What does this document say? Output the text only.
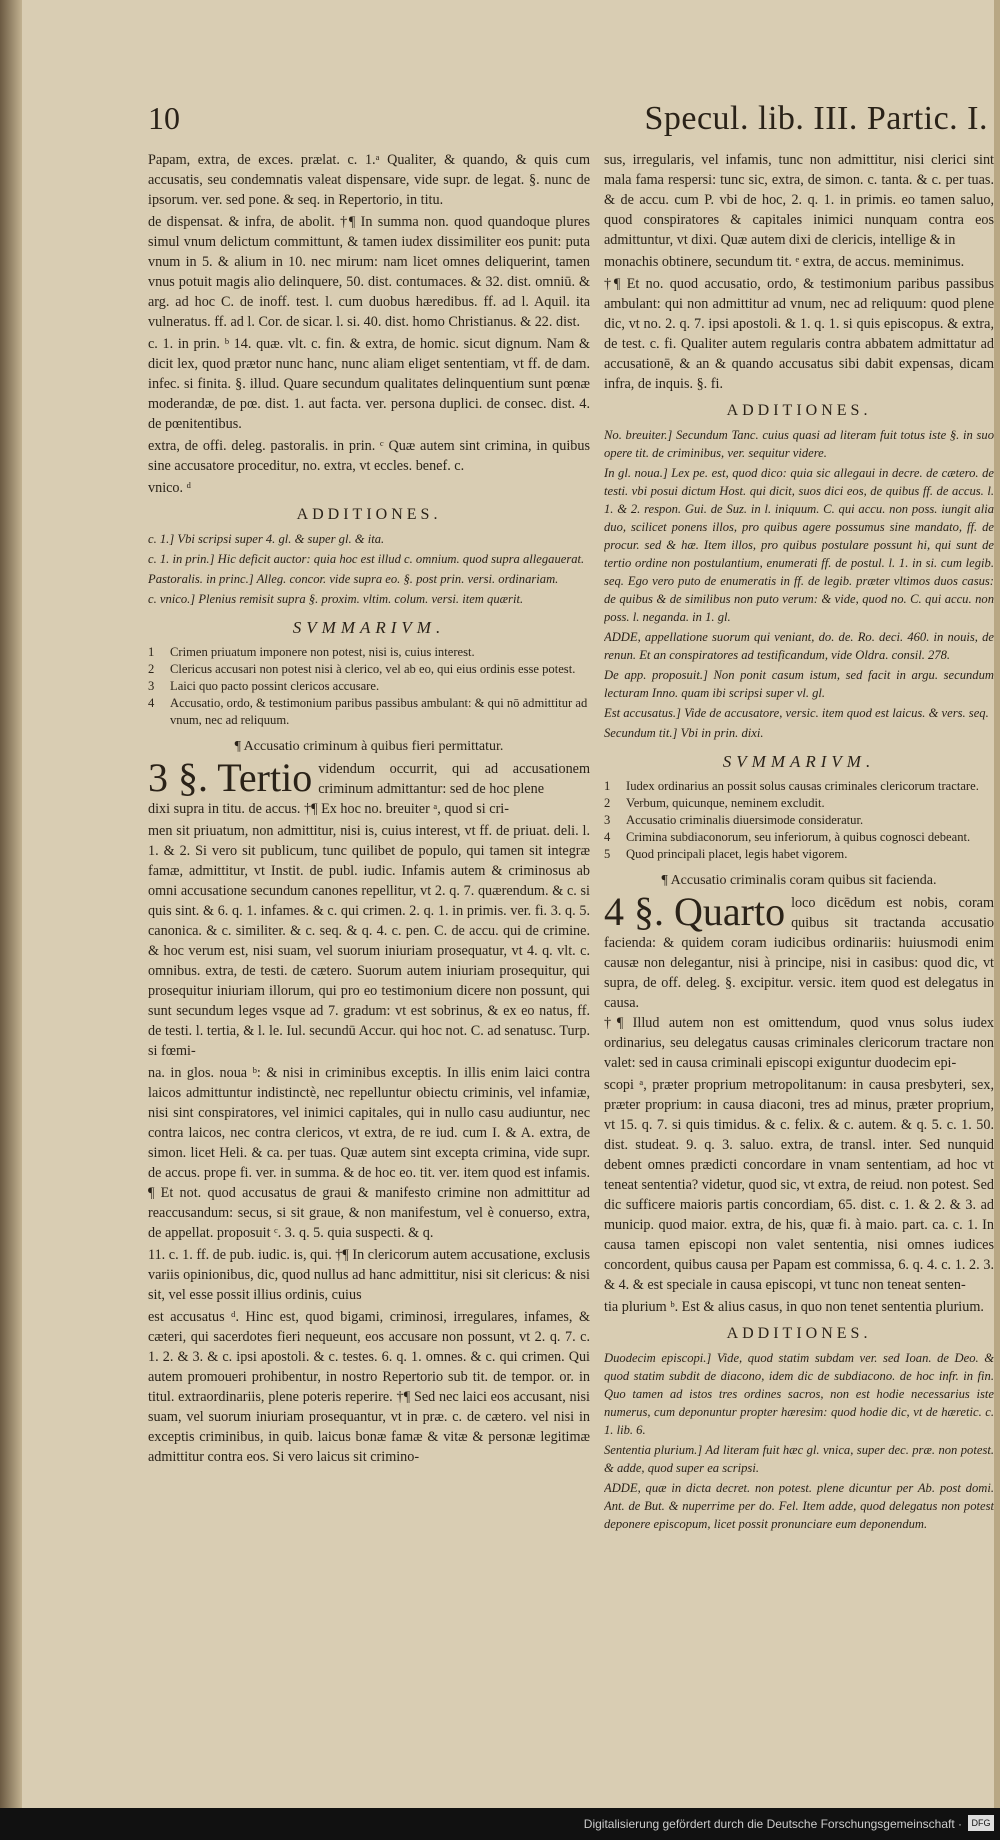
10	Specul. lib. III. Partic. I.

Papam, extra, de exces. prælat. c. 1.ᵃ Qualiter, & quando, & quis cum accusatis, seu condemnatis valeat dispensare, vide supr. de legat. §. nunc de ipsorum. ver. sed pone. & seq. in Repertorio, in titu.

de dispensat. & infra, de abolit. †¶ In summa non. quod quandoque plures simul vnum delictum committunt, & tamen iudex dissimiliter eos punit: puta vnum in 5. & alium in 10. nec mirum: nam licet omnes deliquerint, tamen vnus potuit magis alio delinquere, 50. dist. contumaces. & 32. dist. omniū. & arg. ad hoc C. de inoff. test. l. cum duobus hæredibus. ff. ad l. Aquil. ita vulneratus. ff. ad l. Cor. de sicar. l. si. 40. dist. homo Christianus. & 22. dist.

c. 1. in prin. ᵇ 14. quæ. vlt. c. fin. & extra, de homic. sicut dignum. Nam & dicit lex, quod prætor nunc hanc, nunc aliam eliget sententiam, vt ff. de dam. infec. si finita. §. illud. Quare secundum qualitates delinquentium sunt pœnæ moderandæ, de pœ. dist. 1. aut facta. ver. persona duplici. de consec. dist. 4. de pœnitentibus.

extra, de offi. deleg. pastoralis. in prin. ᶜ Quæ autem sint crimina, in quibus sine accusatore proceditur, no. extra, vt eccles. benef. c.

vnico. ᵈ

ADDITIONES.

c. 1.] Vbi scripsi super 4. gl. & super gl. & ita.

c. 1. in prin.] Hic deficit auctor: quia hoc est illud c. omnium. quod supra allegauerat.

Pastoralis. in princ.] Alleg. concor. vide supra eo. §. post prin. versi. ordinariam.

c. vnico.] Plenius remisit supra §. proxim. vltim. colum. versi. item quærit.

SVMMARIVM.
1	Crimen priuatum imponere non potest, nisi is, cuius interest.
2	Clericus accusari non potest nisi à clerico, vel ab eo, qui eius ordinis esse potest.
3	Laici quo pacto possint clericos accusare.
4	Accusatio, ordo, & testimonium paribus passibus ambulant: & qui nō admittitur ad vnum, nec ad reliquum.
¶ Accusatio criminum à quibus fieri permittatur.

3 §. Tertio videndum occurrit, qui ad accusationem criminum admittantur: sed de hoc plene

dixi supra in titu. de accus. †¶ Ex hoc no. breuiter ᵃ, quod si cri-

men sit priuatum, non admittitur, nisi is, cuius interest, vt ff. de priuat. deli. l. 1. & 2. Si vero sit publicum, tunc quilibet de populo, qui tamen sit integræ famæ, admittitur, vt Instit. de publ. iudic. Infamis autem & criminosus ab omni accusatione secundum canones repellitur, vt 2. q. 7. quærendum. & c. si quis sint. & 6. q. 1. infames. & c. qui crimen. 2. q. 1. in primis. ver. fi. 3. q. 5. canonica. & c. similiter. & c. seq. & q. 4. c. pen. C. de accu. qui de crimine. & hoc verum est, nisi suam, vel suorum iniuriam prosequatur, vt 4. q. vlt. c. omnibus. extra, de testi. de cætero. Suorum autem iniuriam prosequitur, qui prosequitur iniuriam illorum, qui pro eo testimonium dicere non possunt, qui sunt secundum leges vsque ad 7. gradum: vt est sobrinus, & ex eo natus, ff. de testi. l. tertia, & l. le. Iul. secundū Accur. qui hoc not. C. ad senatusc. Turp. si fœmi-

na. in glos. noua ᵇ: & nisi in criminibus exceptis. In illis enim laici contra laicos admittuntur indistinctè, nec repelluntur obiectu criminis, vel infamiæ, nisi sint conspiratores, vel inimici capitales, qui in nullo casu audiuntur, nec contra laicos, nec contra clericos, vt extra, de re iud. cum I. & A. extra, de simon. licet Heli. & ca. per tuas. Quæ autem sint excepta crimina, vide supr. de accus. prope fi. ver. in summa. & de hoc eo. tit. ver. item quod est infamis. ¶ Et not. quod accusatus de graui & manifesto crimine non admittitur ad reaccusandum: secus, si sit graue, & non manifestum, vel è conuerso, extra, de appellat. proposuit ᶜ. 3. q. 5. quia suspecti. & q.

11. c. 1. ff. de pub. iudic. is, qui. †¶ In clericorum autem accusatione, exclusis variis opinionibus, dic, quod nullus ad hanc admittitur, nisi sit clericus: & nisi sit, vel esse possit illius ordinis, cuius

est accusatus ᵈ. Hinc est, quod bigami, criminosi, irregulares, infames, & cæteri, qui sacerdotes fieri nequeunt, eos accusare non possunt, vt 2. q. 7. c. 1. 2. & 3. & c. ipsi apostoli. & c. testes. 6. q. 1. omnes. & c. qui crimen. Qui autem promoueri prohibentur, in nostro Repertorio sub tit. de tempor. or. in titul. extraordinariis, plene poteris reperire. †¶ Sed nec laici eos accusant, nisi suam, vel suorum iniuriam prosequantur, vt in præ. c. de cætero. vel nisi in exceptis criminibus, in quib. laicus bonæ famæ & vitæ & personæ legitimæ admittitur contra eos. Si vero laicus sit crimino-

sus, irregularis, vel infamis, tunc non admittitur, nisi clerici sint mala fama respersi: tunc sic, extra, de simon. c. tanta. & c. per tuas. & de accu. cum P. vbi de hoc, 2. q. 1. in primis. eo tamen saluo, quod conspiratores & capitales inimici nunquam contra eos admittuntur, vt dixi. Quæ autem dixi de clericis, intellige & in

monachis obtinere, secundum tit. ᵉ extra, de accus. meminimus.

†¶ Et no. quod accusatio, ordo, & testimonium paribus passibus ambulant: qui non admittitur ad vnum, nec ad reliquum: quod plene dic, vt no. 2. q. 7. ipsi apostoli. & 1. q. 1. si quis episcopus. & extra, de test. c. fi. Qualiter autem regularis contra abbatem admittatur ad accusationē, & an & quando accusatus sibi dabit expensas, dicam infra, de inquis. §. fi.

ADDITIONES.

No. breuiter.] Secundum Tanc. cuius quasi ad literam fuit totus iste §. in suo opere tit. de criminibus, ver. sequitur videre.

In gl. noua.] Lex pe. est, quod dico: quia sic allegaui in decre. de cætero. de testi. vbi posui dictum Host. qui dicit, suos dici eos, de quibus ff. de accus. l. 1. & 2. respon. Gui. de Suz. in l. iniquum. C. qui accu. non poss. iungit alia duo, scilicet ponens illos, pro quibus agere possumus sine mandato, ff. de procur. sed & hæ. Item illos, pro quibus postulare possunt hi, qui sunt de tertio ordine non postulantium, enumerati ff. de postul. l. 1. in si. cum legib. seq. Ego vero puto de enumeratis in ff. de legib. præter vltimos duos casus: de quibus & de similibus non puto verum: & vide, quod no. C. qui accu. non poss. l. neganda. in 1. gl.

ADDE, appellatione suorum qui veniant, do. de. Ro. deci. 460. in nouis, de renun. Et an conspiratores ad testificandum, vide Oldra. consil. 278.

De app. proposuit.] Non ponit casum istum, sed facit in argu. secundum lecturam Inno. quam ibi scripsi super vl. gl.

Est accusatus.] Vide de accusatore, versic. item quod est laicus. & vers. seq.

Secundum tit.] Vbi in prin. dixi.

SVMMARIVM.
1	Iudex ordinarius an possit solus causas criminales clericorum tractare.
2	Verbum, quicunque, neminem excludit.
3	Accusatio criminalis diuersimode consideratur.
4	Crimina subdiaconorum, seu inferiorum, à quibus cognosci debeant.
5	Quod principali placet, legis habet vigorem.
¶ Accusatio criminalis coram quibus sit facienda.

4 §. Quarto loco dicēdum est nobis, coram quibus sit tractanda accusatio facienda: & quidem coram iudicibus ordinariis: huiusmodi enim causæ non delegantur, nisi à principe, nisi in casibus: quod dic, vt supra, de off. deleg. §. excipitur. versic. item quod est delegatus in causa.

†¶ Illud autem non est omittendum, quod vnus solus iudex ordinarius, seu delegatus causas criminales clericorum tractare non valet: sed in causa criminali episcopi exiguntur duodecim epi-

scopi ᵃ, præter proprium metropolitanum: in causa presbyteri, sex, præter proprium: in causa diaconi, tres ad minus, præter proprium, vt 15. q. 7. si quis timidus. & c. felix. & c. autem. & q. 5. c. 1. 50. dist. studeat. 9. q. 3. saluo. extra, de transl. inter. Sed nunquid debent omnes prædicti concordare in vnam sententiam, ad hoc vt teneat sententia? videtur, quod sic, vt extra, de reiud. non potest. Sed dic sufficere maioris partis concordiam, 65. dist. c. 1. & 2. & 3. ad municip. quod maior. extra, de his, quæ fi. à maio. part. ca. c. 1. In causa tamen episcopi non valet sententia, nisi omnes iudices concordent, quibus causa per Papam est commissa, 6. q. 4. c. 1. 2. 3. & 4. & est speciale in causa episcopi, vt tunc non teneat senten-

tia plurium ᵇ. Est & alius casus, in quo non tenet sententia plurium.

ADDITIONES.

Duodecim episcopi.] Vide, quod statim subdam ver. sed Ioan. de Deo. & quod statim subdit de diacono, idem dic de subdiacono. de hoc infr. in fin. Quo tamen ad istos tres ordines sacros, non est hodie necessarius iste numerus, cum deponuntur propter hæresim: quod hodie dic, vt de hæretic. c. 1. lib. 6.

Sententia plurium.] Ad literam fuit hæc gl. vnica, super dec. præ. non potest. & adde, quod super ea scripsi.

ADDE, quæ in dicta decret. non potest. plene dicuntur per Ab. post domi. Ant. de But. & nuperrime per do. Fel. Item adde, quod delegatus non potest deponere episcopum, licet possit pronunciare eum deponendum.

Digitalisierung gefördert durch die Deutsche Forschungsgemeinschaft ·	DFG
